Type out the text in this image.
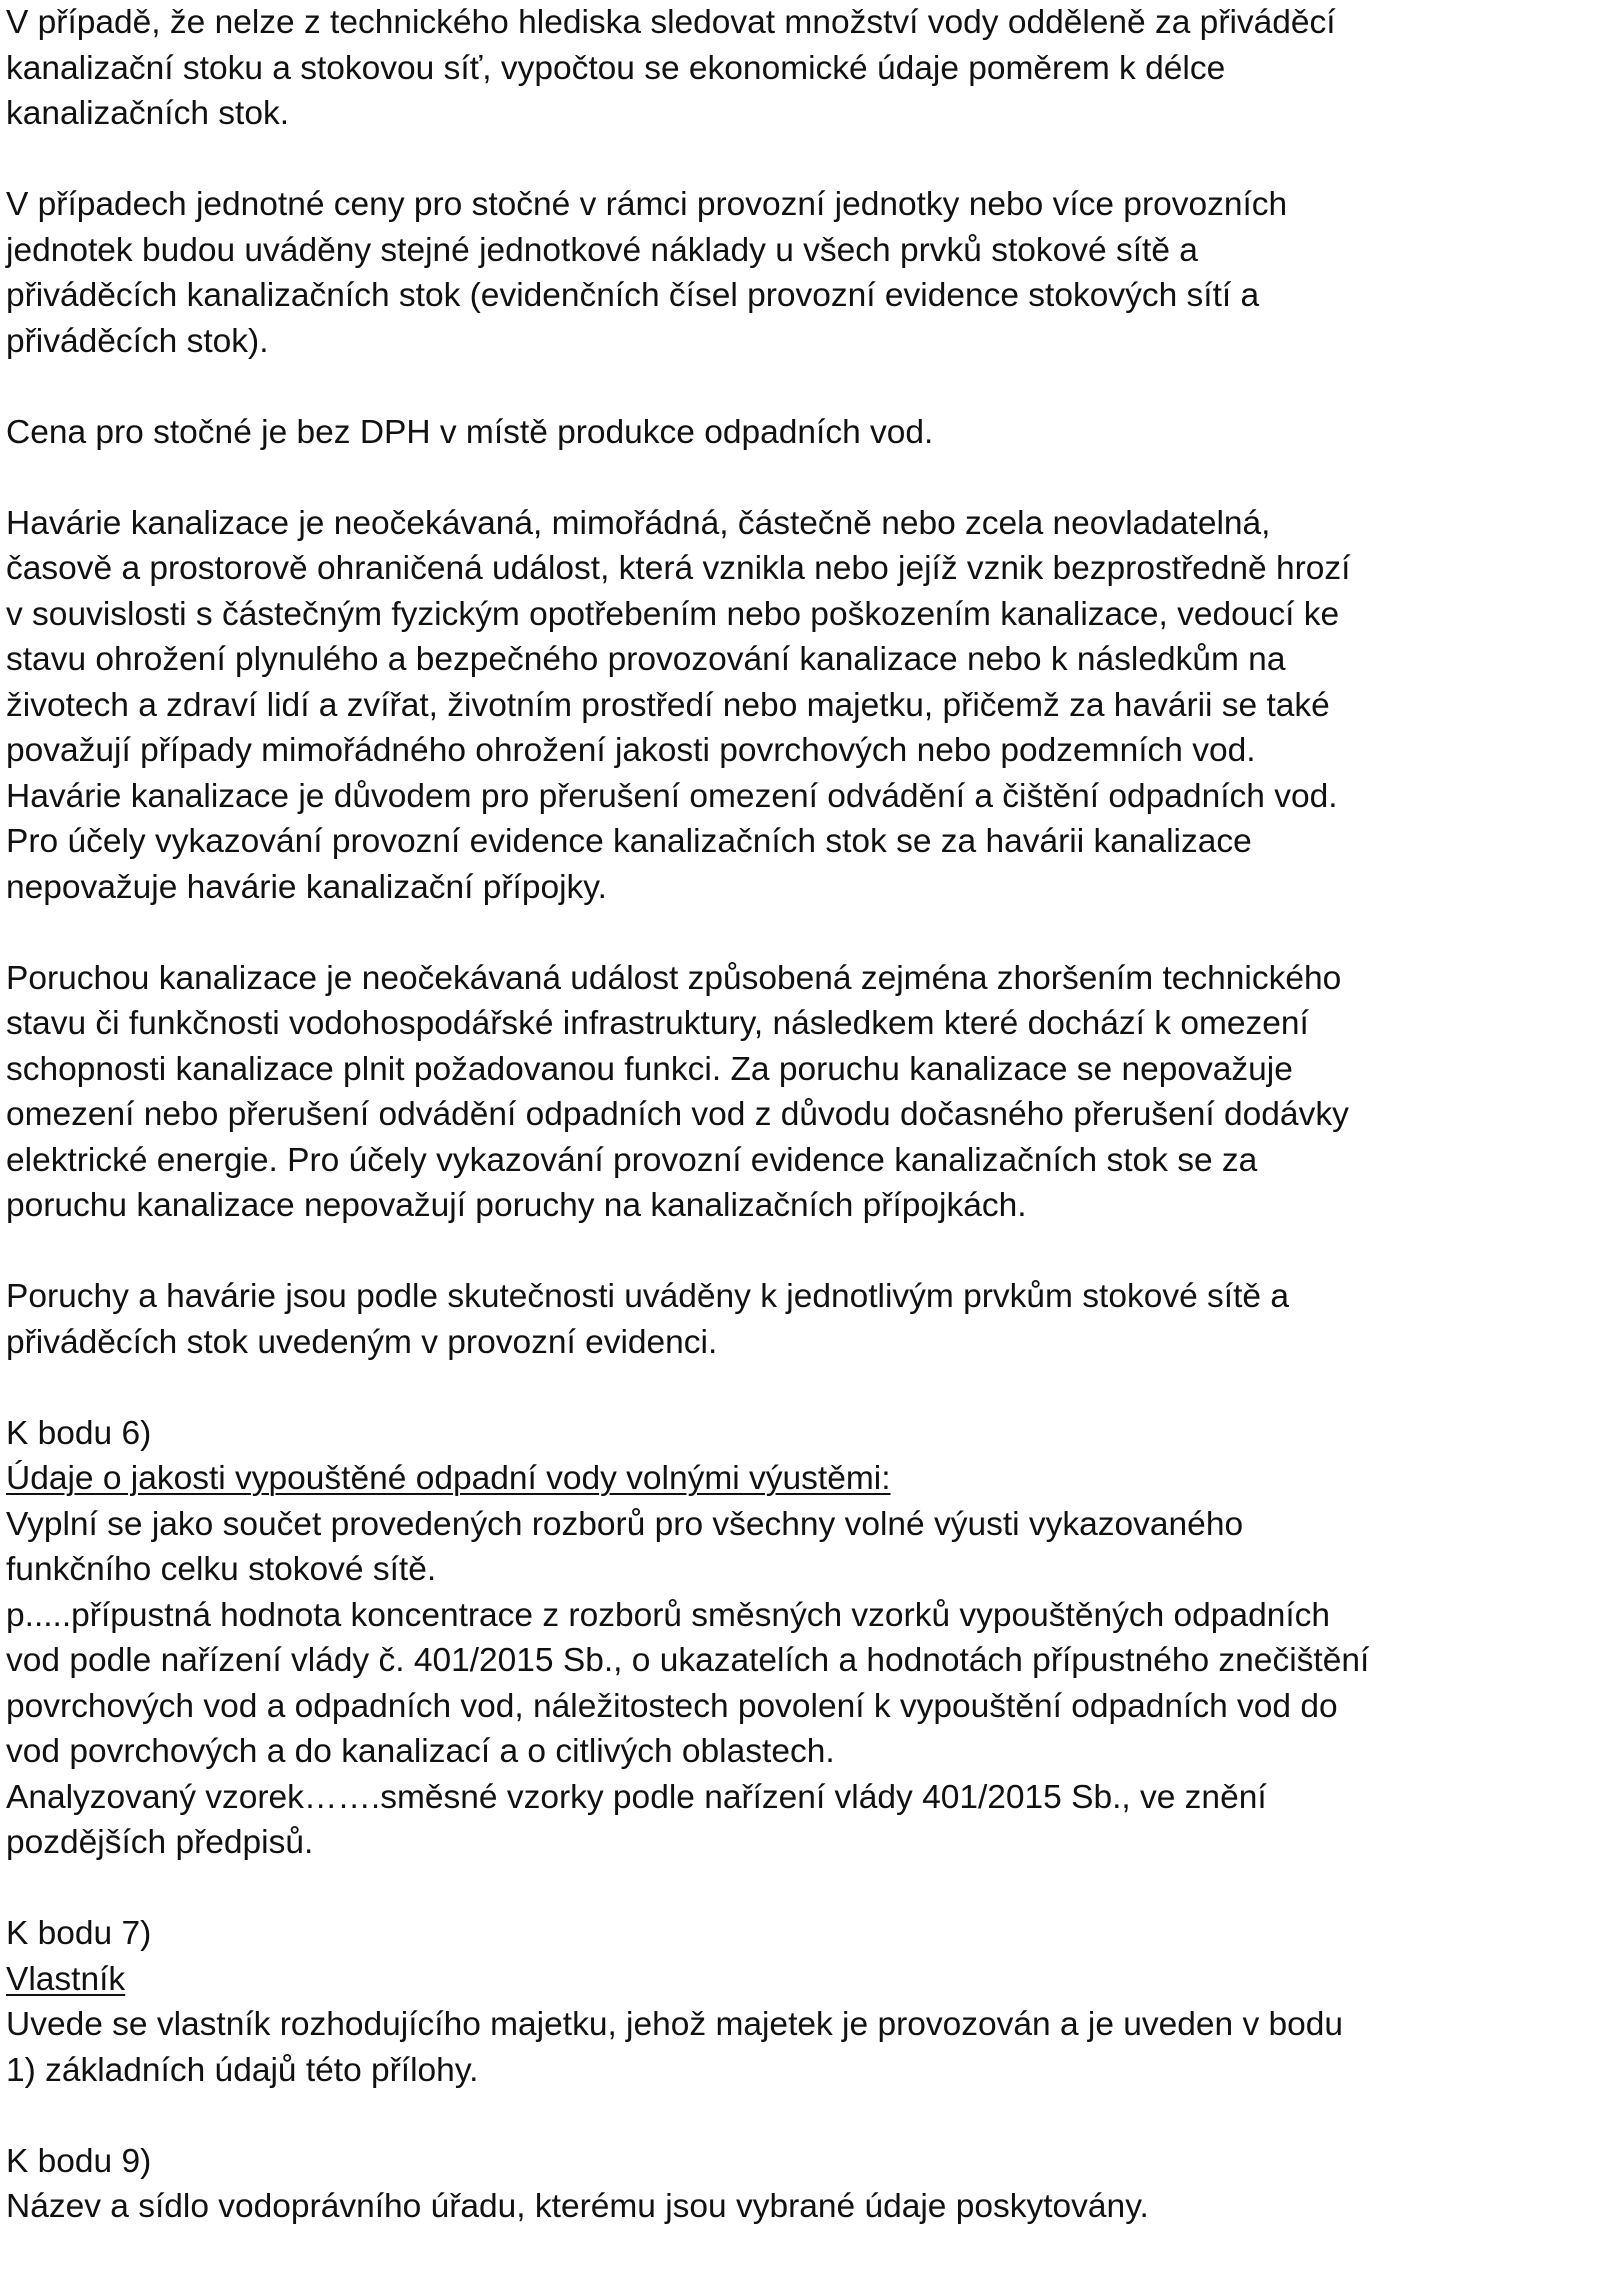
V případě, že nelze z technického hlediska sledovat množství vody odděleně za přiváděcí
kanalizační stoku a stokovou síť, vypočtou se ekonomické údaje poměrem k délce
kanalizačních stok.

V případech jednotné ceny pro stočné v rámci provozní jednotky nebo více provozních
jednotek budou uváděny stejné jednotkové náklady u všech prvků stokové sítě a
přiváděcích kanalizačních stok (evidenčních čísel provozní evidence stokových sítí a
přiváděcích stok).

Cena pro stočné je bez DPH v místě produkce odpadních vod.

Havárie kanalizace je neočekávaná, mimořádná, částečně nebo zcela neovladatelná,
časově a prostorově ohraničená událost, která vznikla nebo jejíž vznik bezprostředně hrozí
v souvislosti s částečným fyzickým opotřebením nebo poškozením kanalizace, vedoucí ke
stavu ohrožení plynulého a bezpečného provozování kanalizace nebo k následkům na
životech a zdraví lidí a zvířat, životním prostředí nebo majetku, přičemž za havárii se také
považují případy mimořádného ohrožení jakosti povrchových nebo podzemních vod.
Havárie kanalizace je důvodem pro přerušení omezení odvádění a čištění odpadních vod.
Pro účely vykazování provozní evidence kanalizačních stok se za havárii kanalizace
nepovažuje havárie kanalizační přípojky.

Poruchou kanalizace je neočekávaná událost způsobená zejména zhoršením technického
stavu či funkčnosti vodohospodářské infrastruktury, následkem které dochází k omezení
schopnosti kanalizace plnit požadovanou funkci. Za poruchu kanalizace se nepovažuje
omezení nebo přerušení odvádění odpadních vod z důvodu dočasného přerušení dodávky
elektrické energie. Pro účely vykazování provozní evidence kanalizačních stok se za
poruchu kanalizace nepovažují poruchy na kanalizačních přípojkách.

Poruchy a havárie jsou podle skutečnosti uváděny k jednotlivým prvkům stokové sítě a
přiváděcích stok uvedeným v provozní evidenci.

K bodu 6)
Údaje o jakosti vypouštěné odpadní vody volnými výustěmi:
Vyplní se jako součet provedených rozborů pro všechny volné výusti vykazovaného
funkčního celku stokové sítě.
p.....přípustná hodnota koncentrace z rozborů směsných vzorků vypouštěných odpadních
vod podle nařízení vlády č. 401/2015 Sb., o ukazatelích a hodnotách přípustného znečištění
povrchových vod a odpadních vod, náležitostech povolení k vypouštění odpadních vod do
vod povrchových a do kanalizací a o citlivých oblastech.
Analyzovaný vzorek…….směsné vzorky podle nařízení vlády 401/2015 Sb., ve znění
pozdějších předpisů.
K bodu 7)
Vlastník
Uvede se vlastník rozhodujícího majetku, jehož majetek je provozován a je uveden v bodu
1) základních údajů této přílohy.
K bodu 9)
Název a sídlo vodoprávního úřadu, kterému jsou vybrané údaje poskytovány.
